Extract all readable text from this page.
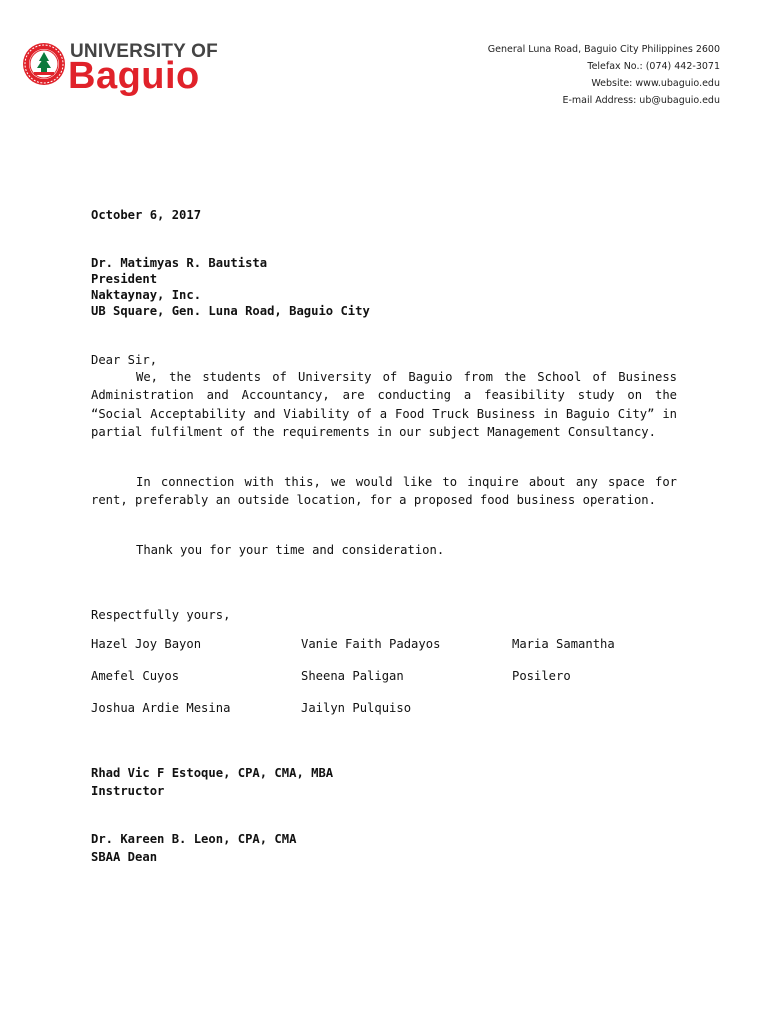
UNIVERSITY OF
Baguio
General Luna Road, Baguio City Philippines 2600
Telefax No.: (074) 442-3071
Website: www.ubaguio.edu
E-mail Address: ub@ubaguio.edu
October 6, 2017
Dr. Matimyas R. Bautista
President
Naktaynay, Inc.
UB Square, Gen. Luna Road, Baguio City
Dear Sir,
We, the students of University of Baguio from the School of Business Administration and Accountancy, are conducting a feasibility study on the “Social Acceptability and Viability of a Food Truck Business in Baguio City” in partial fulfilment of the requirements in our subject Management Consultancy.
In connection with this, we would like to inquire about any space for rent, preferably an outside location, for a proposed food business operation.
Thank you for your time and consideration.
Respectfully yours,
Hazel Joy Bayon	Vanie Faith Padayos	Maria Samantha
Amefel Cuyos	Sheena Paligan	Posilero
Joshua Ardie Mesina	Jailyn Pulquiso
Rhad Vic F Estoque, CPA, CMA, MBA
Instructor
Dr. Kareen B. Leon, CPA, CMA
SBAA Dean
